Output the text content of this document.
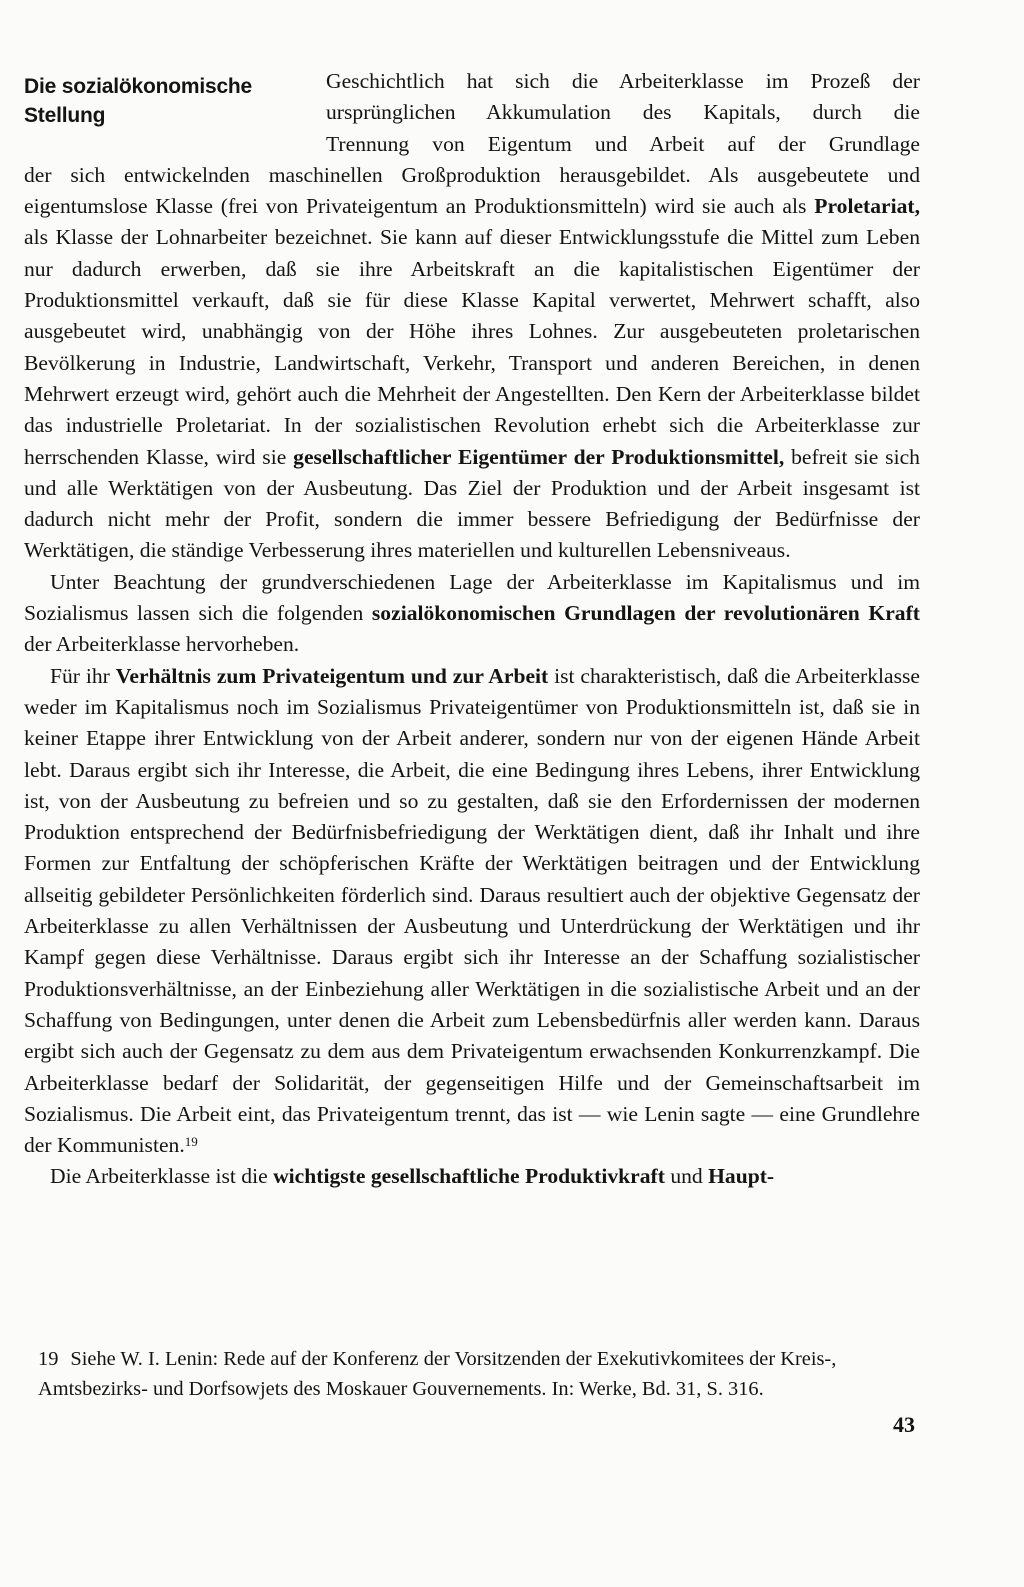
Die sozialökonomische
Stellung

Geschichtlich hat sich die Arbeiterklasse im Prozeß der

ursprünglichen Akkumulation des Kapitals, durch die

Trennung von Eigentum und Arbeit auf der Grundlage

der sich entwickelnden maschinellen Großproduktion herausgebildet. Als ausgebeutete und eigentumslose Klasse (frei von Privateigentum an Produktionsmitteln) wird sie auch als Proletariat, als Klasse der Lohnarbeiter bezeichnet. Sie kann auf dieser Entwicklungsstufe die Mittel zum Leben nur dadurch erwerben, daß sie ihre Arbeitskraft an die kapitalistischen Eigentümer der Produktionsmittel verkauft, daß sie für diese Klasse Kapital verwertet, Mehrwert schafft, also ausgebeutet wird, unabhängig von der Höhe ihres Lohnes. Zur ausgebeuteten proletarischen Bevölkerung in Industrie, Landwirtschaft, Verkehr, Transport und anderen Bereichen, in denen Mehrwert erzeugt wird, gehört auch die Mehrheit der Angestellten. Den Kern der Arbeiterklasse bildet das industrielle Proletariat. In der sozialistischen Revolution erhebt sich die Arbeiterklasse zur herrschenden Klasse, wird sie gesellschaftlicher Eigentümer der Produktionsmittel, befreit sie sich und alle Werktätigen von der Ausbeutung. Das Ziel der Produktion und der Arbeit insgesamt ist dadurch nicht mehr der Profit, sondern die immer bessere Befriedigung der Bedürfnisse der Werktätigen, die ständige Verbesserung ihres materiellen und kulturellen Lebensniveaus.

Unter Beachtung der grundverschiedenen Lage der Arbeiterklasse im Kapitalismus und im Sozialismus lassen sich die folgenden sozialökonomischen Grundlagen der revolutionären Kraft der Arbeiterklasse hervorheben.

Für ihr Verhältnis zum Privateigentum und zur Arbeit ist charakteristisch, daß die Arbeiterklasse weder im Kapitalismus noch im Sozialismus Privateigentümer von Produktionsmitteln ist, daß sie in keiner Etappe ihrer Entwicklung von der Arbeit anderer, sondern nur von der eigenen Hände Arbeit lebt. Daraus ergibt sich ihr Interesse, die Arbeit, die eine Bedingung ihres Lebens, ihrer Entwicklung ist, von der Ausbeutung zu befreien und so zu gestalten, daß sie den Erfordernissen der modernen Produktion entsprechend der Bedürfnisbefriedigung der Werktätigen dient, daß ihr Inhalt und ihre Formen zur Entfaltung der schöpferischen Kräfte der Werktätigen beitragen und der Entwicklung allseitig gebildeter Persönlichkeiten förderlich sind. Daraus resultiert auch der objektive Gegensatz der Arbeiterklasse zu allen Verhältnissen der Ausbeutung und Unterdrückung der Werktätigen und ihr Kampf gegen diese Verhältnisse. Daraus ergibt sich ihr Interesse an der Schaffung sozialistischer Produktionsverhältnisse, an der Einbeziehung aller Werktätigen in die sozialistische Arbeit und an der Schaffung von Bedingungen, unter denen die Arbeit zum Lebensbedürfnis aller werden kann. Daraus ergibt sich auch der Gegensatz zu dem aus dem Privateigentum erwachsenden Konkurrenzkampf. Die Arbeiterklasse bedarf der Solidarität, der gegenseitigen Hilfe und der Gemeinschaftsarbeit im Sozialismus. Die Arbeit eint, das Privateigentum trennt, das ist — wie Lenin sagte — eine Grundlehre der Kommunisten.$^{19}$

Die Arbeiterklasse ist die wichtigste gesellschaftliche Produktivkraft und Haupt-

19 Siehe W. I. Lenin: Rede auf der Konferenz der Vorsitzenden der Exekutivkomitees der Kreis-, Amtsbezirks- und Dorfsowjets des Moskauer Gouvernements. In: Werke, Bd. 31, S. 316.
43
